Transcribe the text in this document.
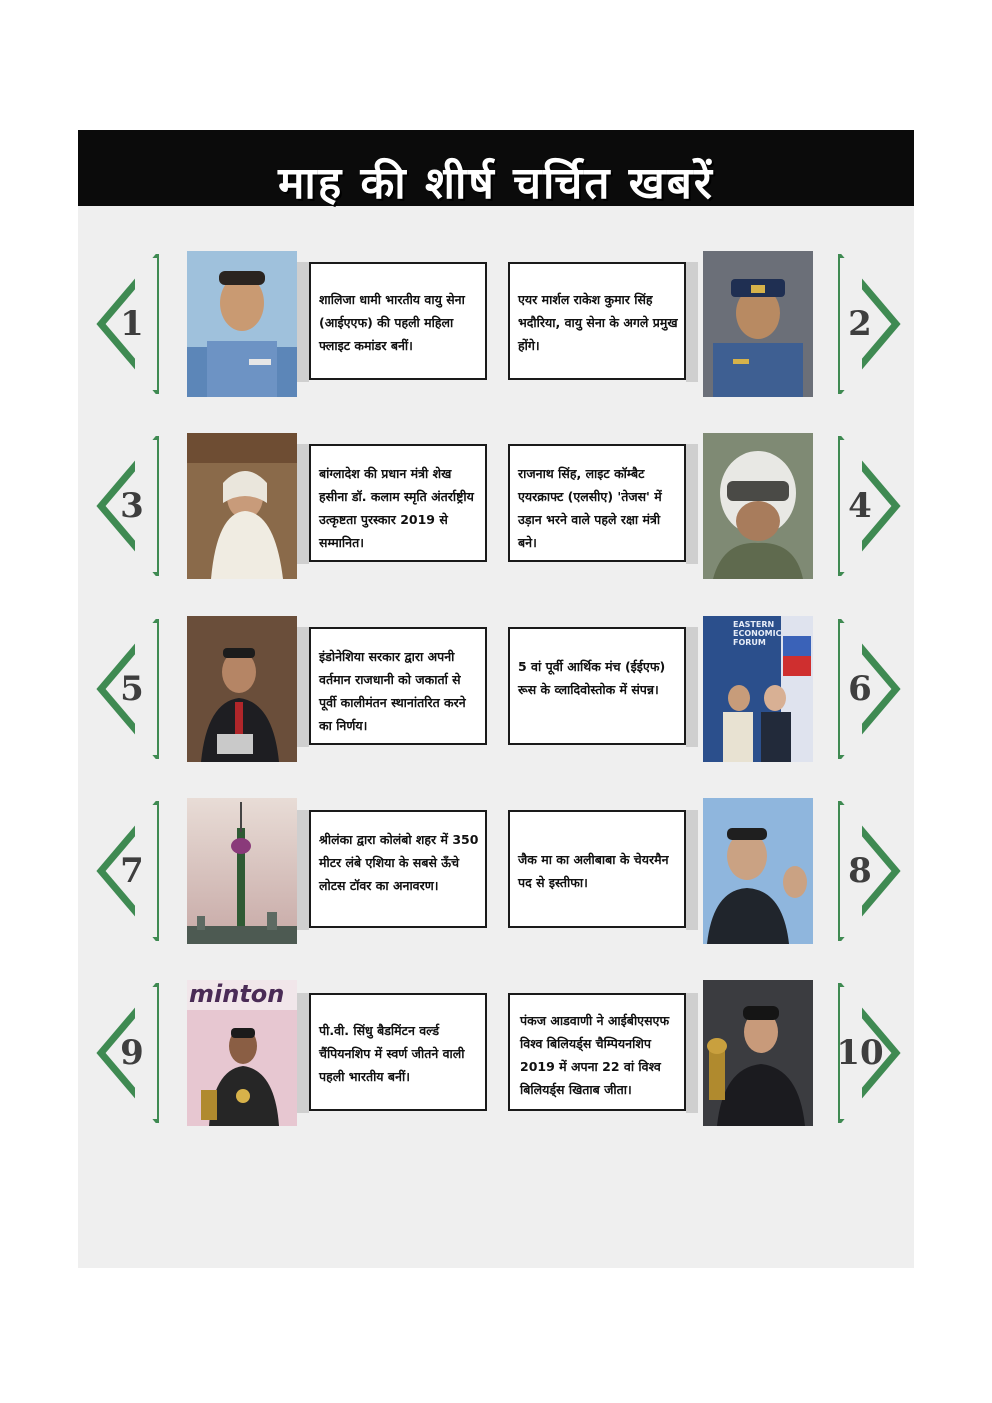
माह की शीर्ष चर्चित खबरें
1
शालिजा धामी भारतीय वायु सेना (आईएएफ) की पहली महिला फ्लाइट कमांडर बनीं।
एयर मार्शल राकेश कुमार सिंह भदौरिया, वायु सेना के अगले प्रमुख होंगे।
2
3
बांग्लादेश की प्रधान मंत्री शेख हसीना डॉ. कलाम स्मृति अंतर्राष्ट्रीय उत्कृष्टता पुरस्कार 2019 से सम्मानित।
राजनाथ सिंह, लाइट कॉम्बैट एयरक्राफ्ट (एलसीए) 'तेजस' में उड़ान भरने वाले पहले रक्षा मंत्री बने।
4
5
इंडोनेशिया सरकार द्वारा अपनी वर्तमान राजधानी को जकार्ता से पूर्वी कालीमंतन स्थानांतरित करने का निर्णय।
5 वां पूर्वी आर्थिक मंच (ईईएफ) रूस के व्लादिवोस्तोक में संपन्न।
EASTERN ECONOMIC FORUM
6
7
श्रीलंका द्वारा कोलंबो शहर में 350 मीटर लंबे एशिया के सबसे ऊँचे लोटस टॉवर का अनावरण।
जैक मा का अलीबाबा के चेयरमैन पद से इस्तीफा।	8
9
minton
पी.वी. सिंधु बैडमिंटन वर्ल्ड चैंपियनशिप में स्वर्ण जीतने वाली पहली भारतीय बनीं।
पंकज आडवाणी ने आईबीएसएफ विश्व बिलियर्ड्स चैम्पियनशिप 2019 में अपना 22 वां विश्व बिलियर्ड्स खिताब जीता।
10
